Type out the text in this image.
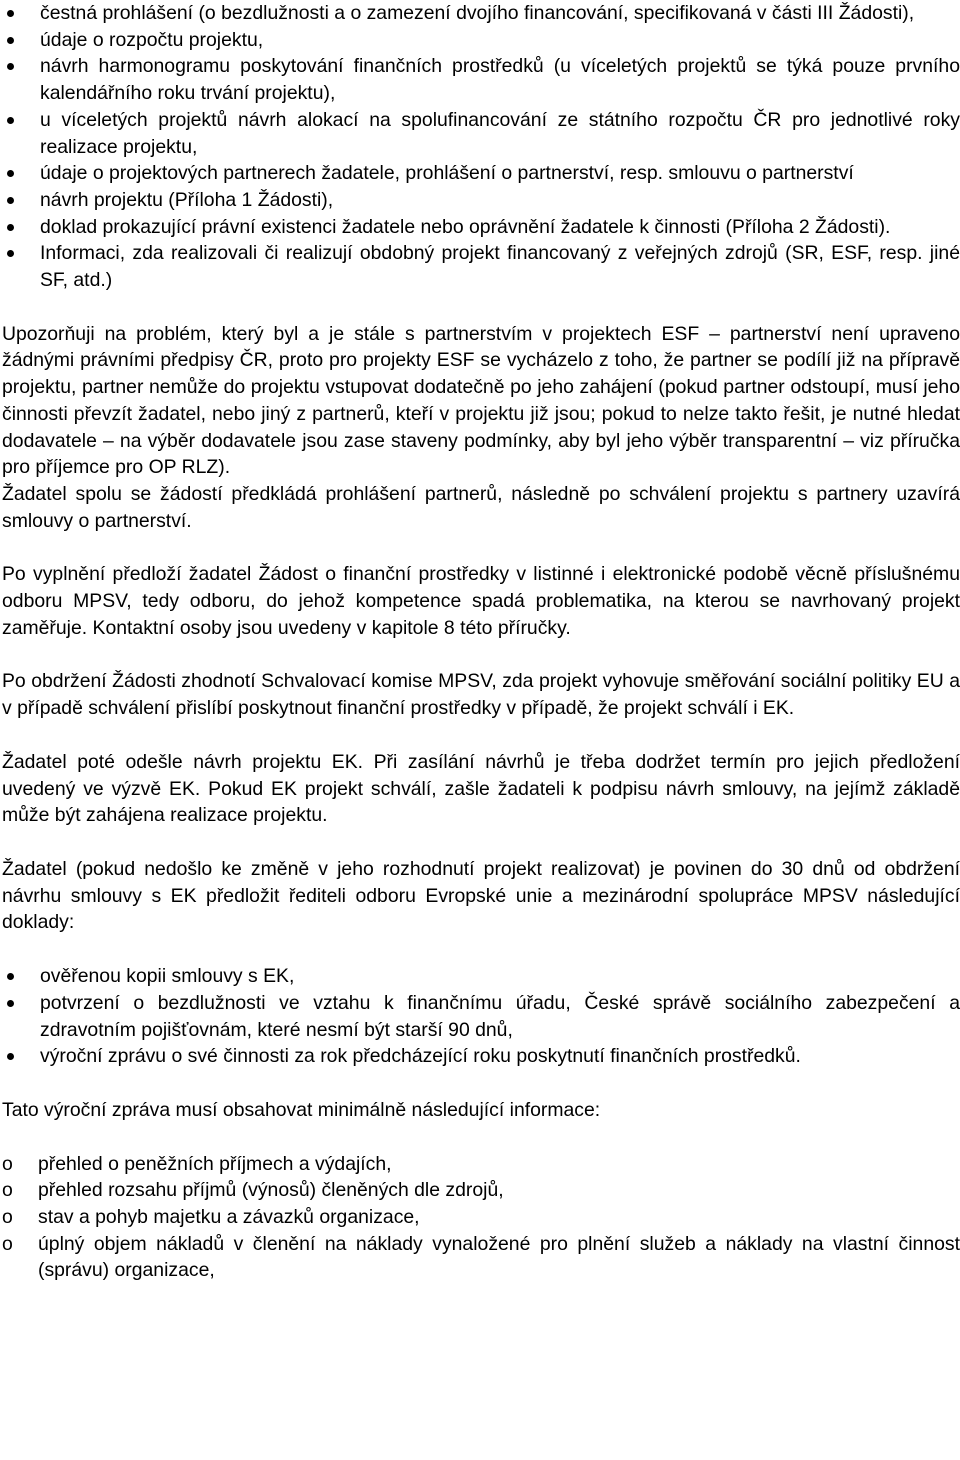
čestná prohlášení (o bezdlužnosti a o zamezení dvojího financování, specifikovaná v části III Žádosti),
údaje o rozpočtu projektu,
návrh harmonogramu poskytování finančních prostředků (u víceletých projektů se týká pouze prvního kalendářního roku trvání projektu),
u víceletých projektů návrh alokací na spolufinancování ze státního rozpočtu ČR pro jednotlivé roky realizace projektu,
údaje o projektových partnerech žadatele, prohlášení o partnerství, resp. smlouvu o partnerství
návrh projektu (Příloha 1 Žádosti),
doklad prokazující právní existenci žadatele nebo oprávnění žadatele k činnosti (Příloha 2 Žádosti).
Informaci, zda realizovali či realizují obdobný projekt financovaný z veřejných zdrojů (SR, ESF, resp. jiné SF, atd.)

Upozorňuji na problém, který byl a je stále s partnerstvím v projektech ESF – partnerství není upraveno žádnými právními předpisy ČR, proto pro projekty ESF se vycházelo z toho, že partner se podílí již na přípravě projektu, partner nemůže do projektu vstupovat dodatečně po jeho zahájení (pokud partner odstoupí, musí jeho činnosti převzít žadatel, nebo jiný z partnerů, kteří v projektu již jsou; pokud to nelze takto řešit, je nutné hledat dodavatele – na výběr dodavatele jsou zase staveny podmínky, aby byl jeho výběr transparentní – viz příručka pro příjemce pro OP RLZ).

Žadatel spolu se žádostí předkládá prohlášení partnerů, následně po schválení projektu s partnery uzavírá smlouvy o partnerství.

Po vyplnění předloží žadatel Žádost o finanční prostředky v listinné i elektronické podobě věcně příslušnému odboru MPSV, tedy odboru, do jehož kompetence spadá problematika, na kterou se navrhovaný projekt zaměřuje. Kontaktní osoby jsou uvedeny v kapitole 8 této příručky.

Po obdržení Žádosti zhodnotí Schvalovací komise MPSV, zda projekt vyhovuje směřování sociální politiky EU a v případě schválení přislíbí poskytnout finanční prostředky v případě, že projekt schválí i EK.

Žadatel poté odešle návrh projektu EK. Při zasílání návrhů je třeba dodržet termín pro jejich předložení uvedený ve výzvě EK. Pokud EK projekt schválí, zašle žadateli k podpisu návrh smlouvy, na jejímž základě může být zahájena realizace projektu.

Žadatel (pokud nedošlo ke změně v jeho rozhodnutí projekt realizovat) je povinen do 30 dnů od obdržení návrhu smlouvy s EK předložit řediteli odboru Evropské unie a mezinárodní spolupráce MPSV následující doklady:

ověřenou kopii smlouvy s EK,
potvrzení o bezdlužnosti ve vztahu k finančnímu úřadu, České správě sociálního zabezpečení a zdravotním pojišťovnám, které nesmí být starší 90 dnů,
výroční zprávu o své činnosti za rok předcházející roku poskytnutí finančních prostředků.

Tato výroční zpráva musí obsahovat minimálně následující informace:

o přehled o peněžních příjmech a výdajích,
o přehled rozsahu příjmů (výnosů) členěných dle zdrojů,
o stav a pohyb majetku a závazků organizace,
o úplný objem nákladů v členění na náklady vynaložené pro plnění služeb a náklady na vlastní činnost (správu) organizace,
